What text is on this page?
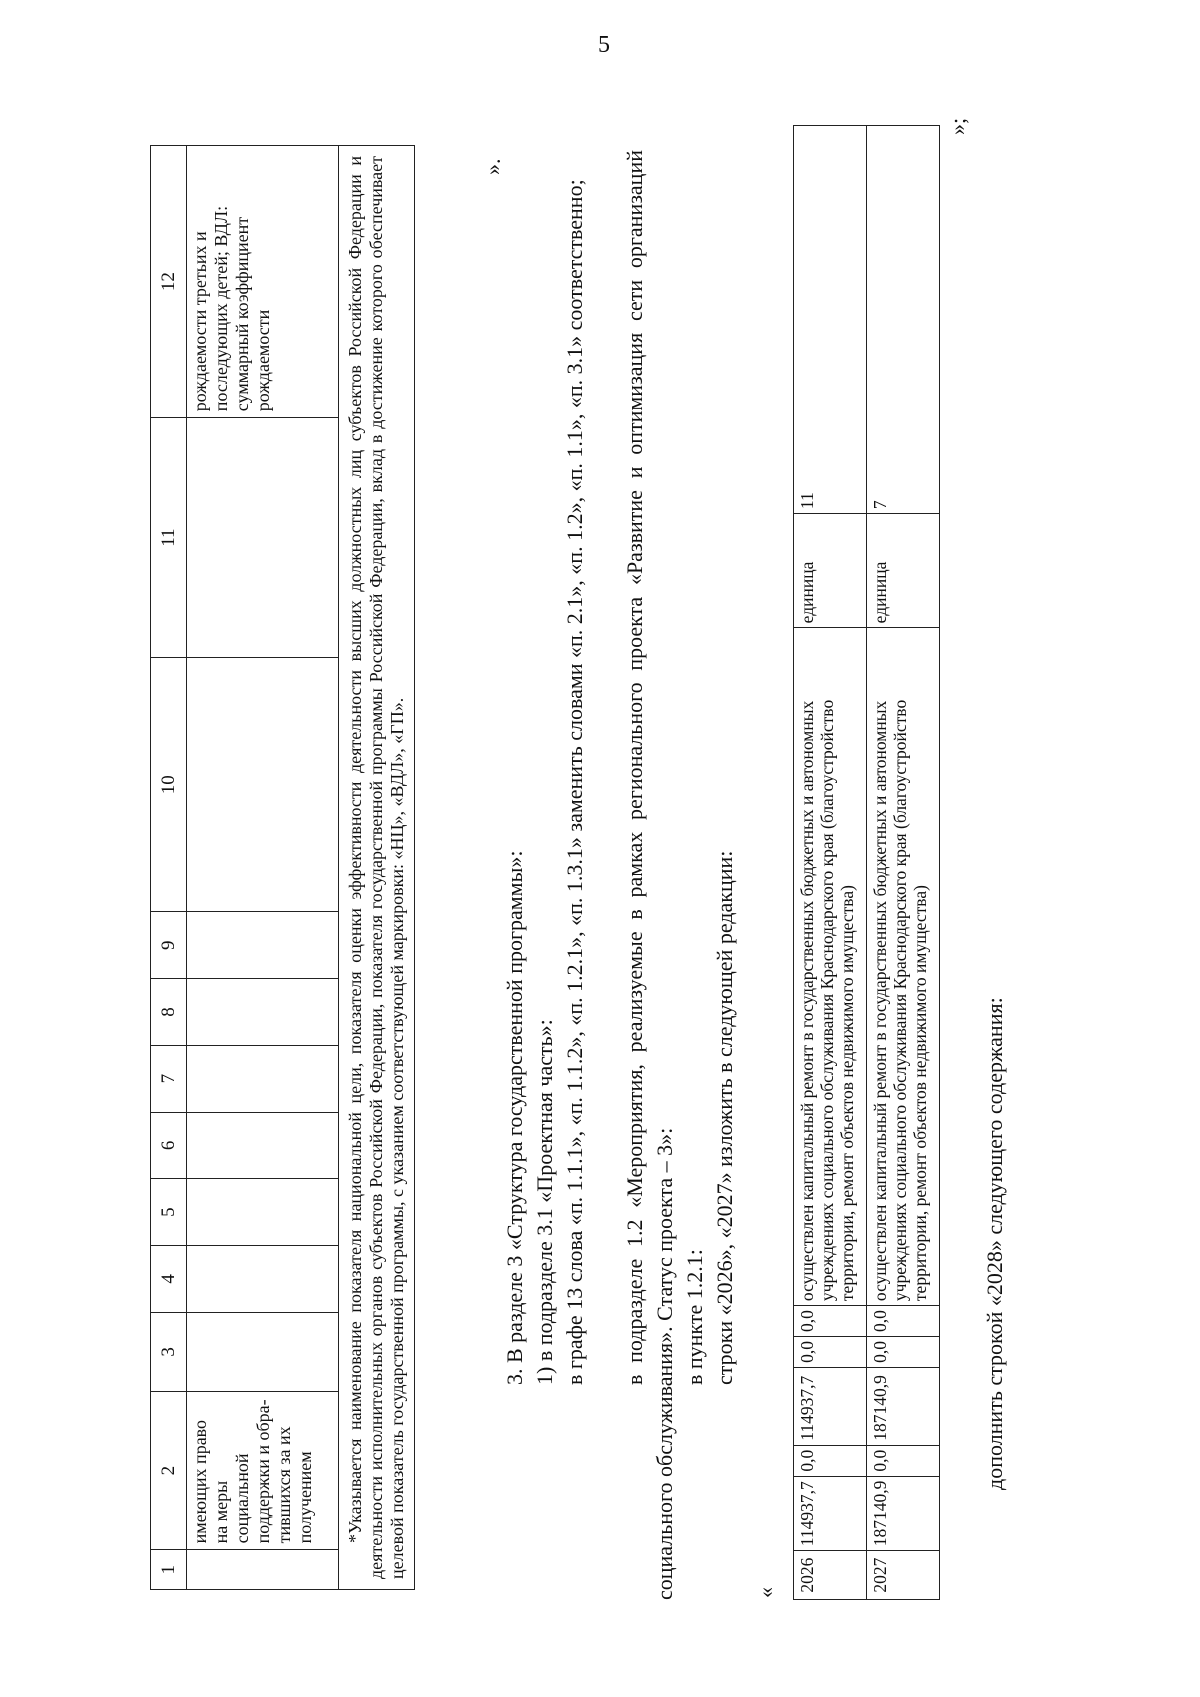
5
1	2	3	4	5	6	7	8	9	10	11	12
	имеющих право на меры социальной поддержки и обратившихся за их получением										рождаемости третьих и последующих детей; ВДЛ: суммарный коэффициент рождаемости

*Указывается наименование показателя национальной цели, показателя оценки эффективности деятельности высших должностных лиц субъектов Российской Федерации и деятельности исполнительных органов субъектов Российской Федерации, показателя государственной программы Российской Федерации, вклад в достижение которого обеспечивает целевой показатель государственной программы, с указанием соответствующей маркировки: «НЦ», «ВДЛ», «ГП».											
».
3. В разделе 3 «Структура государственной программы»: 1) в подразделе 3.1 «Проектная часть»: в графе 13 слова «п. 1.1.1», «п. 1.1.2», «п. 1.2.1», «п. 1.3.1» заменить словами «п. 2.1», «п. 1.2», «п. 1.1», «п. 3.1» соответственно; в подразделе 1.2 «Мероприятия, реализуемые в рамках регионального проекта «Развитие и оптимизация сети организаций социального обслуживания». Статус проекта – 3»: в пункте 1.2.1: строки «2026», «2027» изложить в следующей редакции:
« 2026	114937,7	0,0	114937,7	0,0	0,0	осуществлен капитальный ремонт в государственных бюджетных и автономных учреждениях социального обслуживания Краснодарского края (благоустройство территории, ремонт объектов недвижимого имущества)	единица	11
2027	187140,9	0,0	187140,9	0,0	0,0	осуществлен капитальный ремонт в государственных бюджетных и автономных учреждениях социального обслуживания Краснодарского края (благоустройство территории, ремонт объектов недвижимого имущества)	единица	7
»;
дополнить строкой «2028» следующего содержания:
